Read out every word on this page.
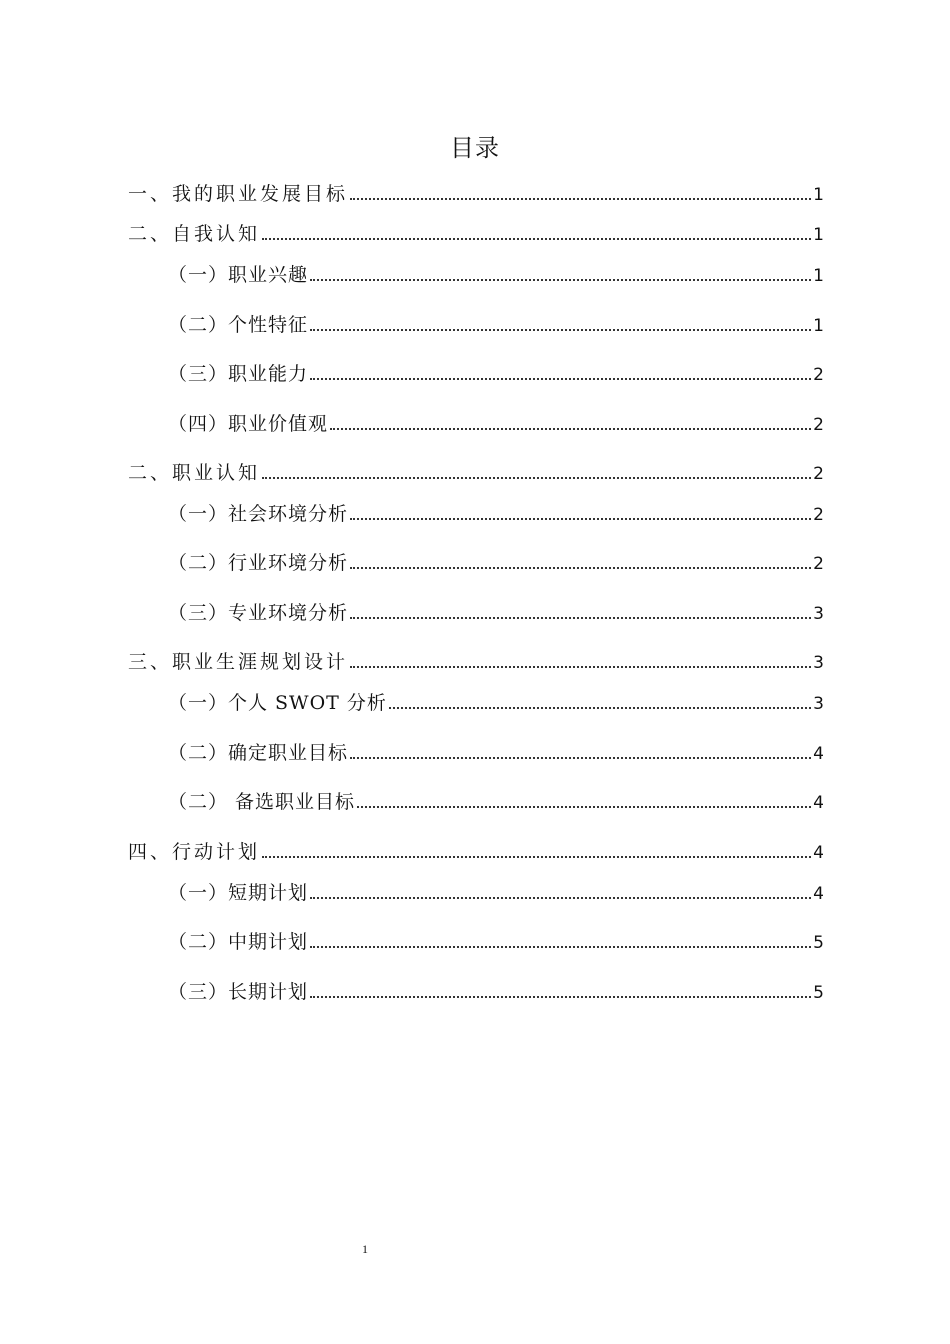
目录
一、我的职业发展目标	1
二、自我认知	1
（一）职业兴趣	1
（二）个性特征	1
（三）职业能力	2
（四）职业价值观	2
二、职业认知	2
（一）社会环境分析	2
（二）行业环境分析	2
（三）专业环境分析	3
三、职业生涯规划设计	3
（一）个人 SWOT 分析	3
（二）确定职业目标	4
（二） 备选职业目标	4
四、行动计划	4
（一）短期计划	4
（二）中期计划	5
（三）长期计划	5
1
